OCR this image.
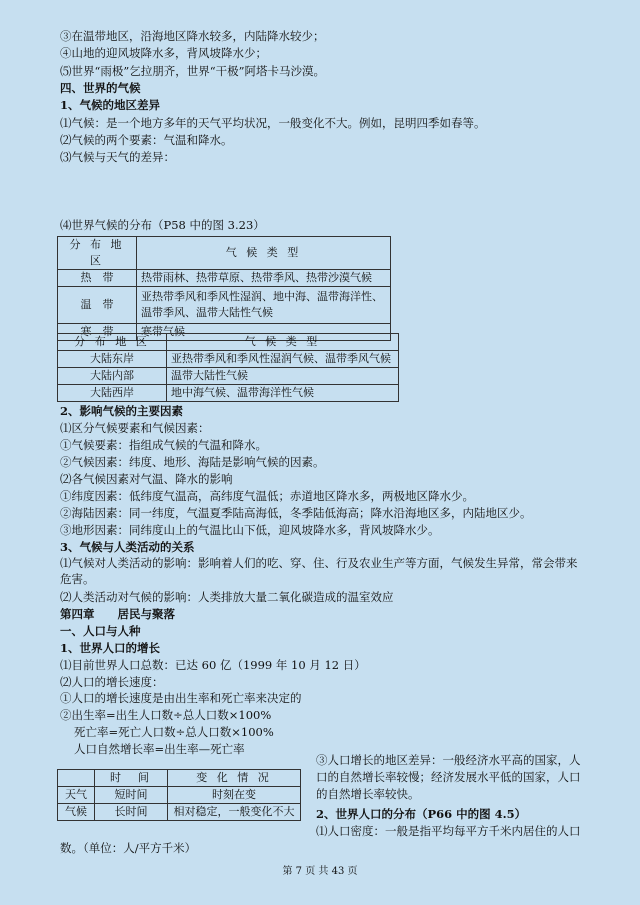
③在温带地区，沿海地区降水较多，内陆降水较少；
④山地的迎风坡降水多，背风坡降水少；
⑸世界“雨极”乞拉朋齐，世界“干极”阿塔卡马沙漠。
四、世界的气候
1、气候的地区差异
⑴气候：是一个地方多年的天气平均状况，一般变化不大。例如，昆明四季如春等。
⑵气候的两个要素：气温和降水。
⑶气候与天气的差异：
⑷世界气候的分布（P58 中的图 3.23）
分 布 地 区	气 候 类 型
热　带	热带雨林、热带草原、热带季风、热带沙漠气候
温　带	亚热带季风和季风性湿润、地中海、温带海洋性、温带季风、温带大陆性气候
寒　带	寒带气候
分 布 地 区	气 候 类 型
大陆东岸	亚热带季风和季风性湿润气候、温带季风气候
大陆内部	温带大陆性气候
大陆西岸	地中海气候、温带海洋性气候
2、影响气候的主要因素
⑴区分气候要素和气候因素：
①气候要素：指组成气候的气温和降水。
②气候因素：纬度、地形、海陆是影响气候的因素。
⑵各气候因素对气温、降水的影响
①纬度因素：低纬度气温高，高纬度气温低；赤道地区降水多，两极地区降水少。
②海陆因素：同一纬度，气温夏季陆高海低，冬季陆低海高；降水沿海地区多，内陆地区少。
③地形因素：同纬度山上的气温比山下低，迎风坡降水多，背风坡降水少。
3、气候与人类活动的关系
⑴气候对人类活动的影响：影响着人们的吃、穿、住、行及农业生产等方面，气候发生异常，常会带来危害。
⑵人类活动对气候的影响：人类排放大量二氧化碳造成的温室效应
第四章　　居民与聚落
一、人口与人种
1、世界人口的增长
⑴目前世界人口总数：已达 60 亿（1999 年 10 月 12 日）
⑵人口的增长速度：
①人口的增长速度是由出生率和死亡率来决定的
②出生率=出生人口数÷总人口数×100%
死亡率=死亡人口数÷总人口数×100%
人口自然增长率=出生率—死亡率
	时　间	变 化 情 况
天气	短时间	时刻在变
气候	长时间	相对稳定，一般变化不大
③人口增长的地区差异：一般经济水平高的国家，人口的自然增长率较慢；经济发展水平低的国家，人口的自然增长率较快。
2、世界人口的分布（P66 中的图 4.5）
⑴人口密度：一般是指平均每平方千米内居住的人口
数。（单位：人/平方千米）
第 7 页 共 43 页
